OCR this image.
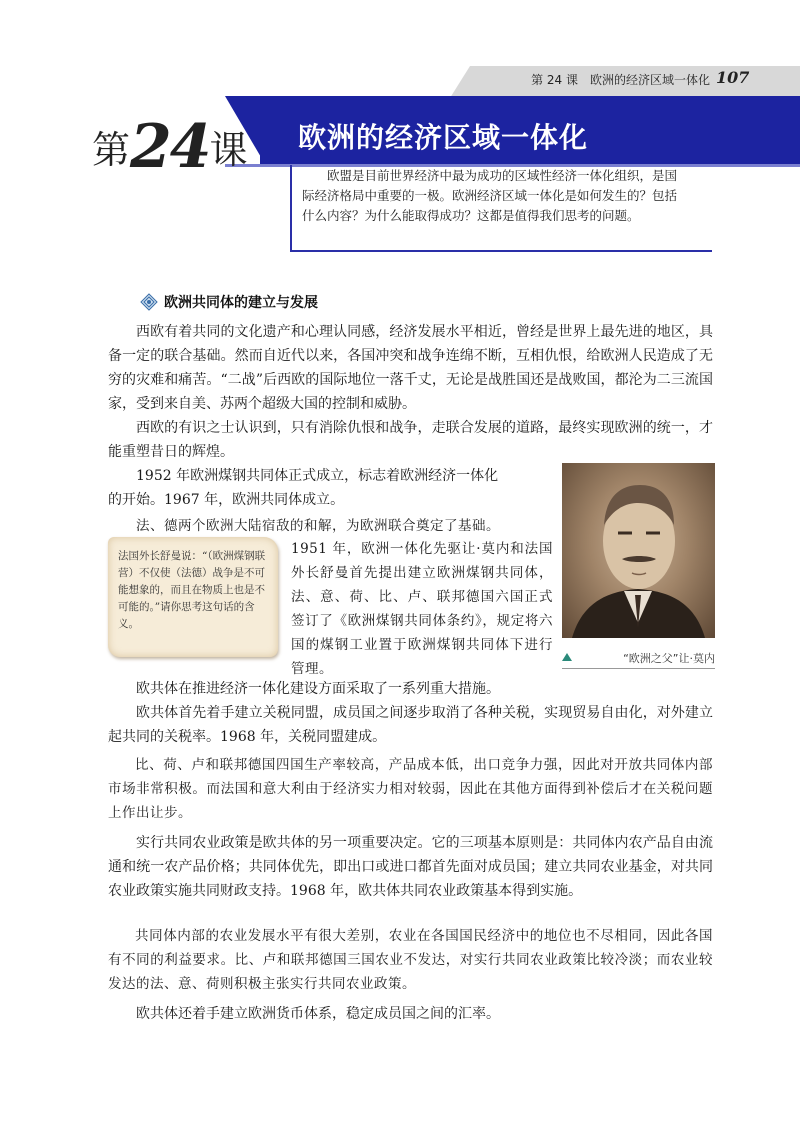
第 24 课　欧洲的经济区域一体化 107
第24课 欧洲的经济区域一体化
欧盟是目前世界经济中最为成功的区域性经济一体化组织，是国际经济格局中重要的一极。欧洲经济区域一体化是如何发生的？包括什么内容？为什么能取得成功？这都是值得我们思考的问题。
欧洲共同体的建立与发展
西欧有着共同的文化遗产和心理认同感，经济发展水平相近，曾经是世界上最先进的地区，具备一定的联合基础。然而自近代以来，各国冲突和战争连绵不断，互相仇恨，给欧洲人民造成了无穷的灾难和痛苦。“二战”后西欧的国际地位一落千丈，无论是战胜国还是战败国，都沦为二三流国家，受到来自美、苏两个超级大国的控制和威胁。
西欧的有识之士认识到，只有消除仇恨和战争，走联合发展的道路，最终实现欧洲的统一，才能重塑昔日的辉煌。
1952 年欧洲煤钢共同体正式成立，标志着欧洲经济一体化
的开始。1967 年，欧洲共同体成立。
法、德两个欧洲大陆宿敌的和解，为欧洲联合奠定了基础。
1951 年，欧洲一体化先驱让·莫内和法国外长舒曼首先提出建立欧洲煤钢共同体，法、意、荷、比、卢、联邦德国六国正式签订了《欧洲煤钢共同体条约》，规定将六国的煤钢工业置于欧洲煤钢共同体下进行管理。
“欧洲之父”让·莫内
法国外长舒曼说：“（欧洲煤钢联营）不仅使（法德）战争是不可能想象的，而且在物质上也是不可能的。”请你思考这句话的含义。
欧共体在推进经济一体化建设方面采取了一系列重大措施。
欧共体首先着手建立关税同盟，成员国之间逐步取消了各种关税，实现贸易自由化，对外建立起共同的关税率。1968 年，关税同盟建成。
比、荷、卢和联邦德国四国生产率较高，产品成本低，出口竞争力强，因此对开放共同体内部市场非常积极。而法国和意大利由于经济实力相对较弱，因此在其他方面得到补偿后才在关税问题上作出让步。
实行共同农业政策是欧共体的另一项重要决定。它的三项基本原则是：共同体内农产品自由流通和统一农产品价格；共同体优先，即出口或进口都首先面对成员国；建立共同农业基金，对共同农业政策实施共同财政支持。1968 年，欧共体共同农业政策基本得到实施。
共同体内部的农业发展水平有很大差别，农业在各国国民经济中的地位也不尽相同，因此各国有不同的利益要求。比、卢和联邦德国三国农业不发达，对实行共同农业政策比较冷淡；而农业较发达的法、意、荷则积极主张实行共同农业政策。
欧共体还着手建立欧洲货币体系，稳定成员国之间的汇率。
